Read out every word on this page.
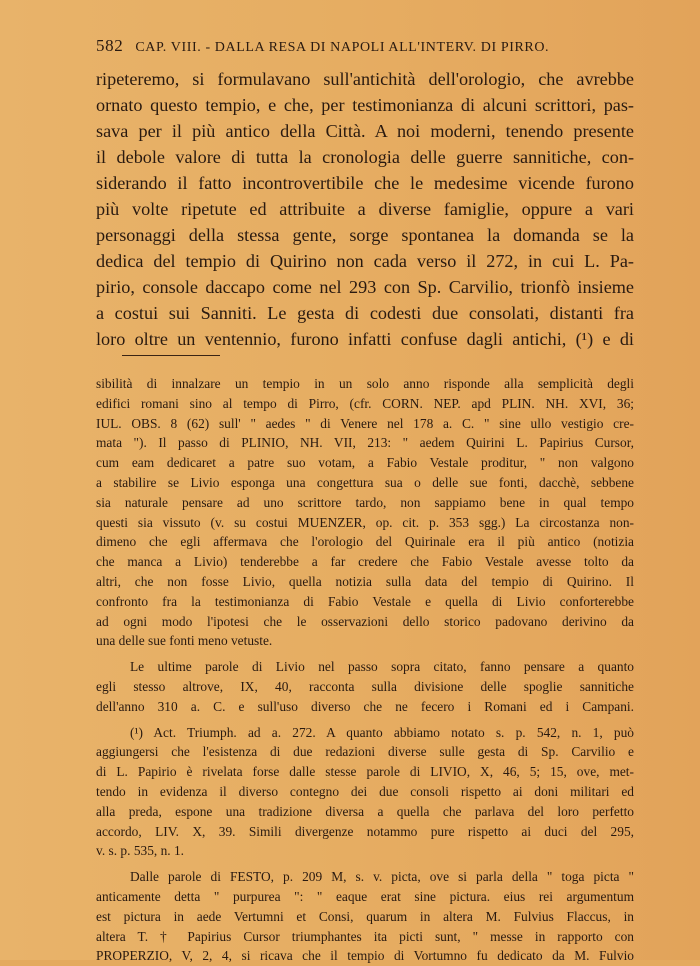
582 CAP. VIII. - DALLA RESA DI NAPOLI ALL'INTERV. DI PIRRO.
ripeteremo, si formulavano sull'antichità dell'orologio, che avrebbe
ornato questo tempio, e che, per testimonianza di alcuni scrittori, pas-
sava per il più antico della Città. A noi moderni, tenendo presente
il debole valore di tutta la cronologia delle guerre sannitiche, con-
siderando il fatto incontrovertibile che le medesime vicende furono
più volte ripetute ed attribuite a diverse famiglie, oppure a vari
personaggi della stessa gente, sorge spontanea la domanda se la
dedica del tempio di Quirino non cada verso il 272, in cui L. Pa-
pirio, console daccapo come nel 293 con Sp. Carvilio, trionfò insieme
a costui sui Sanniti. Le gesta di codesti due consolati, distanti fra
loro oltre un ventennio, furono infatti confuse dagli antichi, (¹) e di
sibilità di innalzare un tempio in un solo anno risponde alla semplicità degli
edifici romani sino al tempo di Pirro, (cfr. CORN. NEP. apd PLIN. NH. XVI, 36;
IUL. OBS. 8 (62) sull' " aedes " di Venere nel 178 a. C. " sine ullo vestigio cre-
mata "). Il passo di PLINIO, NH. VII, 213: " aedem Quirini L. Papirius Cursor,
cum eam dedicaret a patre suo votam, a Fabio Vestale proditur, " non valgono
a stabilire se Livio esponga una congettura sua o delle sue fonti, dacchè, sebbene
sia naturale pensare ad uno scrittore tardo, non sappiamo bene in qual tempo
questi sia vissuto (v. su costui MUENZER, op. cit. p. 353 sgg.) La circostanza non-
dimeno che egli affermava che l'orologio del Quirinale era il più antico (notizia
che manca a Livio) tenderebbe a far credere che Fabio Vestale avesse tolto da
altri, che non fosse Livio, quella notizia sulla data del tempio di Quirino. Il
confronto fra la testimonianza di Fabio Vestale e quella di Livio conforterebbe
ad ogni modo l'ipotesi che le osservazioni dello storico padovano derivino da
una delle sue fonti meno vetuste.
Le ultime parole di Livio nel passo sopra citato, fanno pensare a quanto
egli stesso altrove, IX, 40, racconta sulla divisione delle spoglie sannitiche
dell'anno 310 a. C. e sull'uso diverso che ne fecero i Romani ed i Campani.
(¹) Act. Triumph. ad a. 272. A quanto abbiamo notato s. p. 542, n. 1, può
aggiungersi che l'esistenza di due redazioni diverse sulle gesta di Sp. Carvilio e
di L. Papirio è rivelata forse dalle stesse parole di LIVIO, X, 46, 5; 15, ove, met-
tendo in evidenza il diverso contegno dei due consoli rispetto ai doni militari ed
alla preda, espone una tradizione diversa a quella che parlava del loro perfetto
accordo, LIV. X, 39. Simili divergenze notammo pure rispetto ai duci del 295,
v. s. p. 535, n. 1.
Dalle parole di FESTO, p. 209 M, s. v. picta, ove si parla della " toga picta "
anticamente detta " purpurea ": " eaque erat sine pictura. eius rei argumentum
est pictura in aede Vertumni et Consi, quarum in altera M. Fulvius Flaccus, in
altera T. † Papirius Cursor triumphantes ita picti sunt, " messe in rapporto con
PROPERZIO, V, 2, 4, si ricava che il tempio di Vortumno fu dedicato da M. Fulvio
